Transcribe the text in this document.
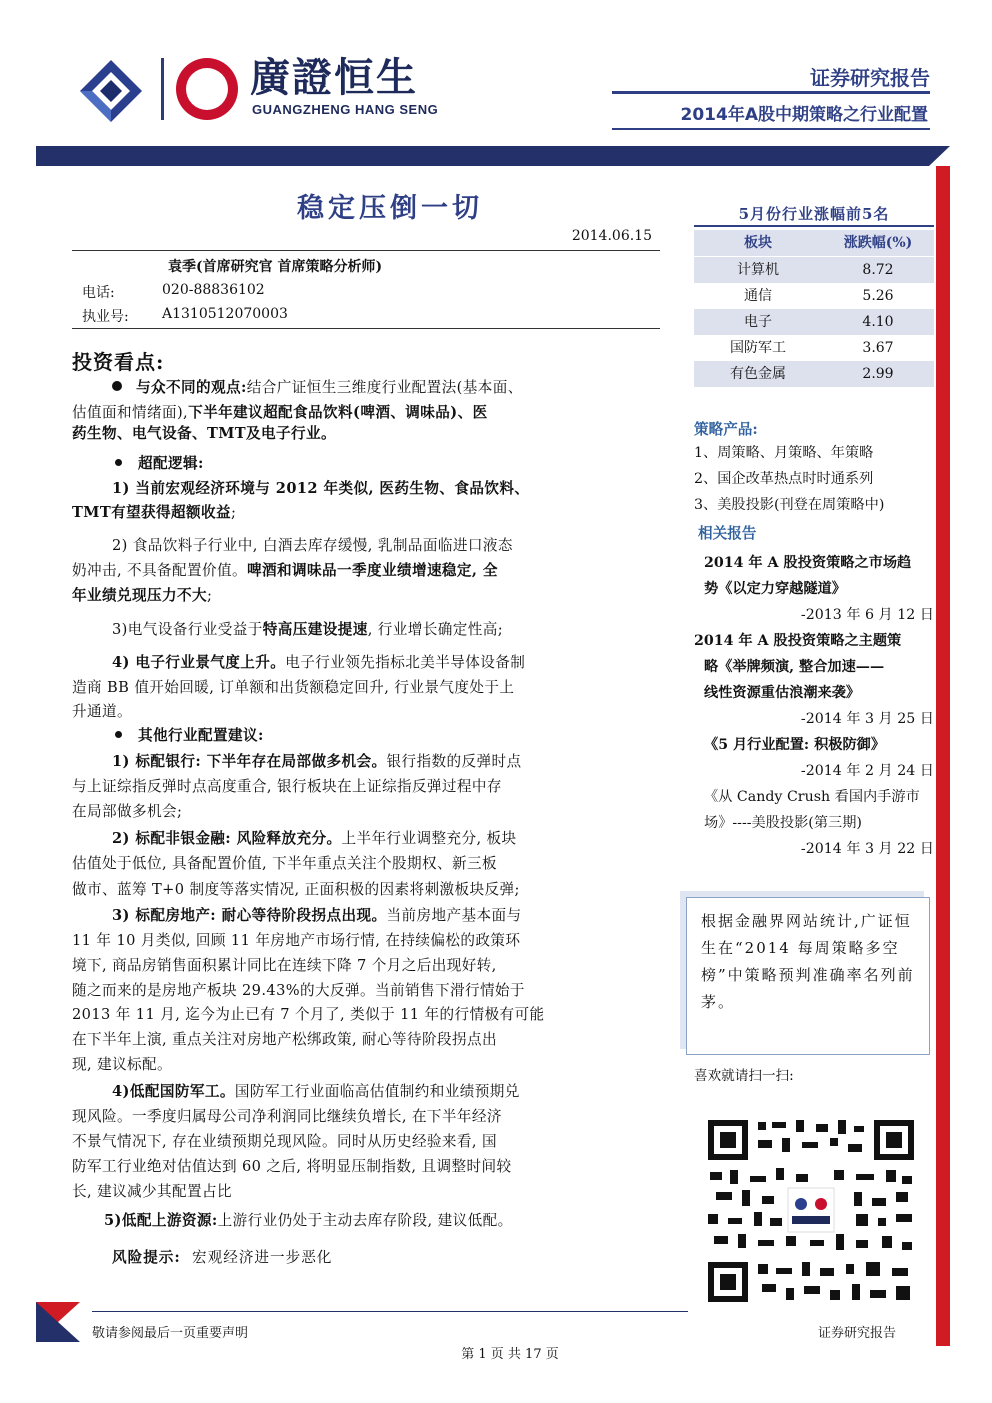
廣證恒生
GUANGZHENG HANG SENG
证券研究报告
2014年A股中期策略之行业配置
稳定压倒一切
2014.06.15
袁季(首席研究官 首席策略分析师)
电话:	020-88836102
执业号: A1310512070003
投资看点:
与众不同的观点:结合广证恒生三维度行业配置法(基本面、
估值面和情绪面),下半年建议超配食品饮料(啤酒、调味品)、医
药生物、电气设备、TMT及电子行业。
超配逻辑:
1) 当前宏观经济环境与 2012 年类似, 医药生物、食品饮料、
TMT有望获得超额收益;
2) 食品饮料子行业中, 白酒去库存缓慢, 乳制品面临进口液态
奶冲击, 不具备配置价值。啤酒和调味品一季度业绩增速稳定, 全
年业绩兑现压力不大;
3)电气设备行业受益于特高压建设提速, 行业增长确定性高;
4) 电子行业景气度上升。电子行业领先指标北美半导体设备制
造商 BB 值开始回暖, 订单额和出货额稳定回升, 行业景气度处于上
升通道。
其他行业配置建议:
1) 标配银行: 下半年存在局部做多机会。银行指数的反弹时点
与上证综指反弹时点高度重合, 银行板块在上证综指反弹过程中存
在局部做多机会;
2) 标配非银金融: 风险释放充分。上半年行业调整充分, 板块
估值处于低位, 具备配置价值, 下半年重点关注个股期权、新三板
做市、蓝筹 T+0 制度等落实情况, 正面积极的因素将刺激板块反弹;
3) 标配房地产: 耐心等待阶段拐点出现。当前房地产基本面与
11 年 10 月类似, 回顾 11 年房地产市场行情, 在持续偏松的政策环
境下, 商品房销售面积累计同比在连续下降 7 个月之后出现好转,
随之而来的是房地产板块 29.43%的大反弹。当前销售下滑行情始于
2013 年 11 月, 迄今为止已有 7 个月了, 类似于 11 年的行情极有可能
在下半年上演, 重点关注对房地产松绑政策, 耐心等待阶段拐点出
现, 建议标配。
4)低配国防军工。国防军工行业面临高估值制约和业绩预期兑
现风险。一季度归属母公司净利润同比继续负增长, 在下半年经济
不景气情况下, 存在业绩预期兑现风险。同时从历史经验来看, 国
防军工行业绝对估值达到 60 之后, 将明显压制指数, 且调整时间较
长, 建议减少其配置占比
5)低配上游资源:上游行业仍处于主动去库存阶段, 建议低配。
风险提示: 宏观经济进一步恶化
5月份行业涨幅前5名
板块	涨跌幅(%)
计算机	8.72
通信	5.26
电子	4.10
国防军工	3.67
有色金属	2.99
策略产品:
1、周策略、月策略、年策略
2、国企改革热点时时通系列
3、美股投影(刊登在周策略中)
相关报告
2014 年 A 股投资策略之市场趋
势《以定力穿越隧道》
-2013 年 6 月 12 日
2014 年 A 股投资策略之主题策
略《举牌频演, 整合加速——
线性资源重估浪潮来袭》
-2014 年 3 月 25 日
《5 月行业配置: 积极防御》
-2014 年 2 月 24 日
《从 Candy Crush 看国内手游市
场》----美股投影(第三期)
-2014 年 3 月 22 日
根据金融界网站统计,广证恒生在“2014 每周策略多空榜”中策略预判准确率名列前茅。
喜欢就请扫一扫:
敬请参阅最后一页重要声明	证券研究报告
第 1 页 共 17 页
